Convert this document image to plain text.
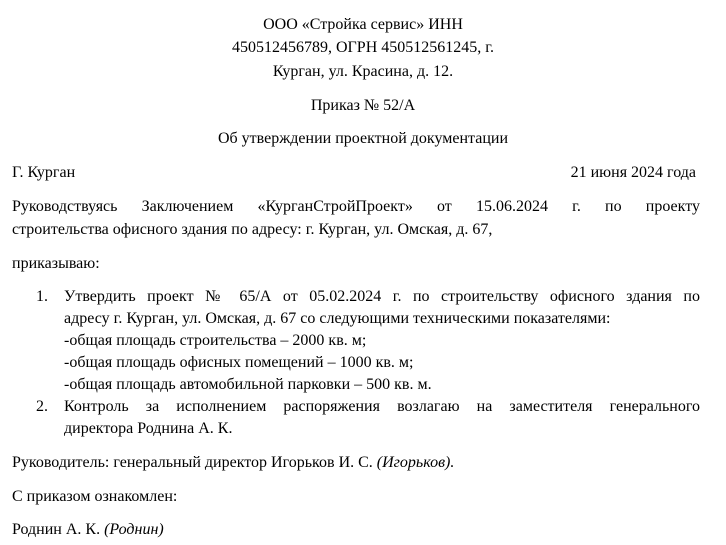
ООО «Стройка сервис» ИНН
450512456789, ОГРН 450512561245, г.
Курган, ул. Красина, д. 12.
Приказ № 52/А
Об утверждении проектной документации
Г. Курган	21 июня 2024 года
Руководствуясь Заключением «КурганСтройПроект» от 15.06.2024 г. по проекту
строительства офисного здания по адресу: г. Курган, ул. Омская, д. 67,
приказываю:
1. Утвердить проект № 65/А от 05.02.2024 г. по строительству офисного здания по
адресу г. Курган, ул. Омская, д. 67 со следующими техническими показателями:
-общая площадь строительства – 2000 кв. м;
-общая площадь офисных помещений – 1000 кв. м;
-общая площадь автомобильной парковки – 500 кв. м.
2. Контроль за исполнением распоряжения возлагаю на заместителя генерального
директора Роднина А. К.
Руководитель: генеральный директор Игорьков И. С. (Игорьков).
С приказом ознакомлен:
Роднин А. К. (Роднин)
